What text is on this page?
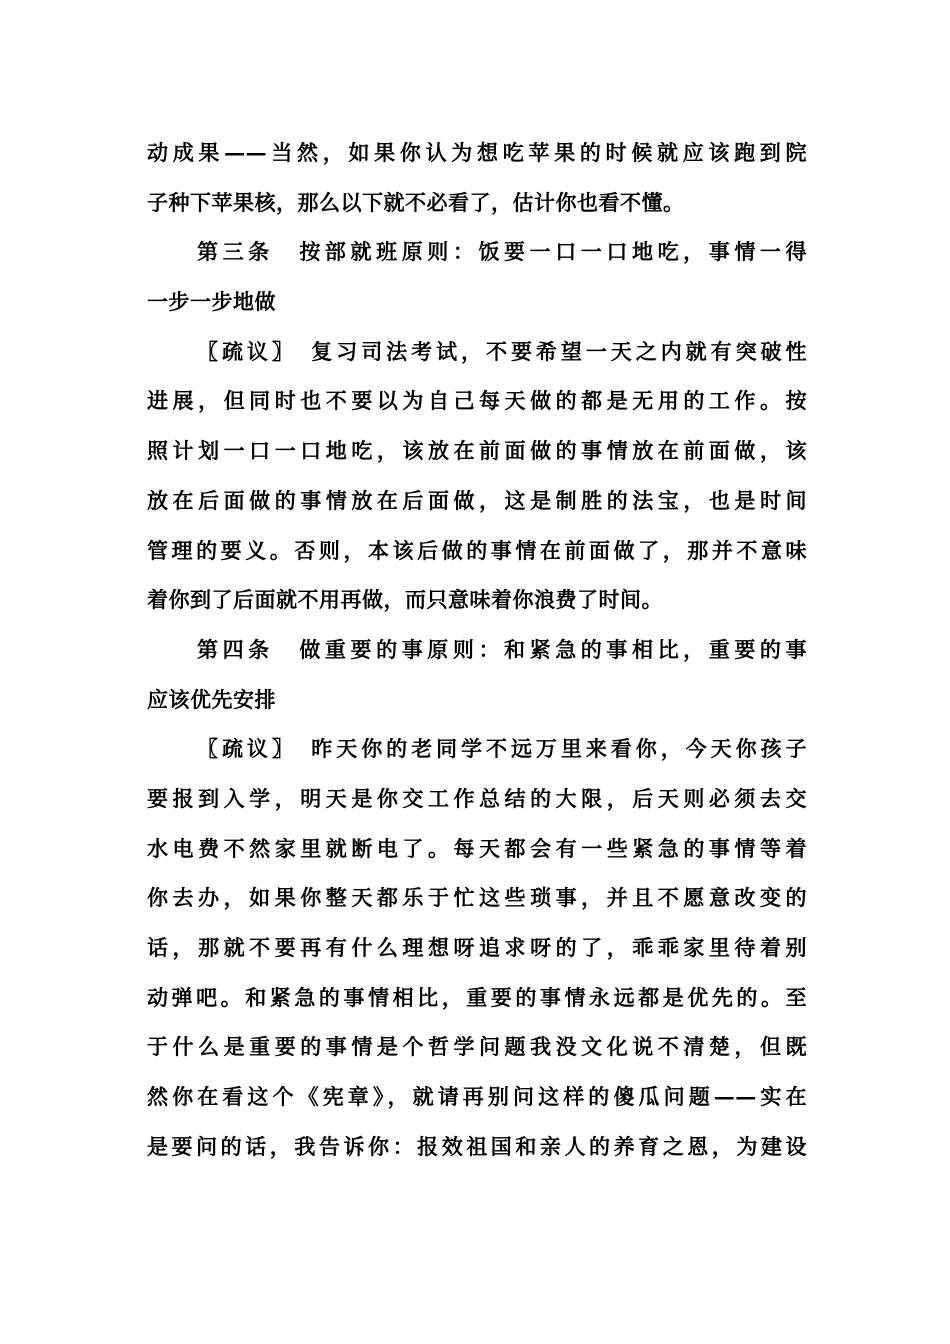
动成果——当然，如果你认为想吃苹果的时候就应该跑到院
子种下苹果核，那么以下就不必看了，估计你也看不懂。
第三条　按部就班原则：饭要一口一口地吃，事情一得
一步一步地做
〖疏议〗　复习司法考试，不要希望一天之内就有突破性
进展，但同时也不要以为自己每天做的都是无用的工作。按
照计划一口一口地吃，该放在前面做的事情放在前面做，该
放在后面做的事情放在后面做，这是制胜的法宝，也是时间
管理的要义。否则，本该后做的事情在前面做了，那并不意味
着你到了后面就不用再做，而只意味着你浪费了时间。
第四条　做重要的事原则：和紧急的事相比，重要的事
应该优先安排
〖疏议〗　昨天你的老同学不远万里来看你，今天你孩子
要报到入学，明天是你交工作总结的大限，后天则必须去交
水电费不然家里就断电了。每天都会有一些紧急的事情等着
你去办，如果你整天都乐于忙这些琐事，并且不愿意改变的
话，那就不要再有什么理想呀追求呀的了，乖乖家里待着别
动弹吧。和紧急的事情相比，重要的事情永远都是优先的。至
于什么是重要的事情是个哲学问题我没文化说不清楚，但既
然你在看这个《宪章》，就请再别问这样的傻瓜问题——实在
是要问的话，我告诉你：报效祖国和亲人的养育之恩，为建设
